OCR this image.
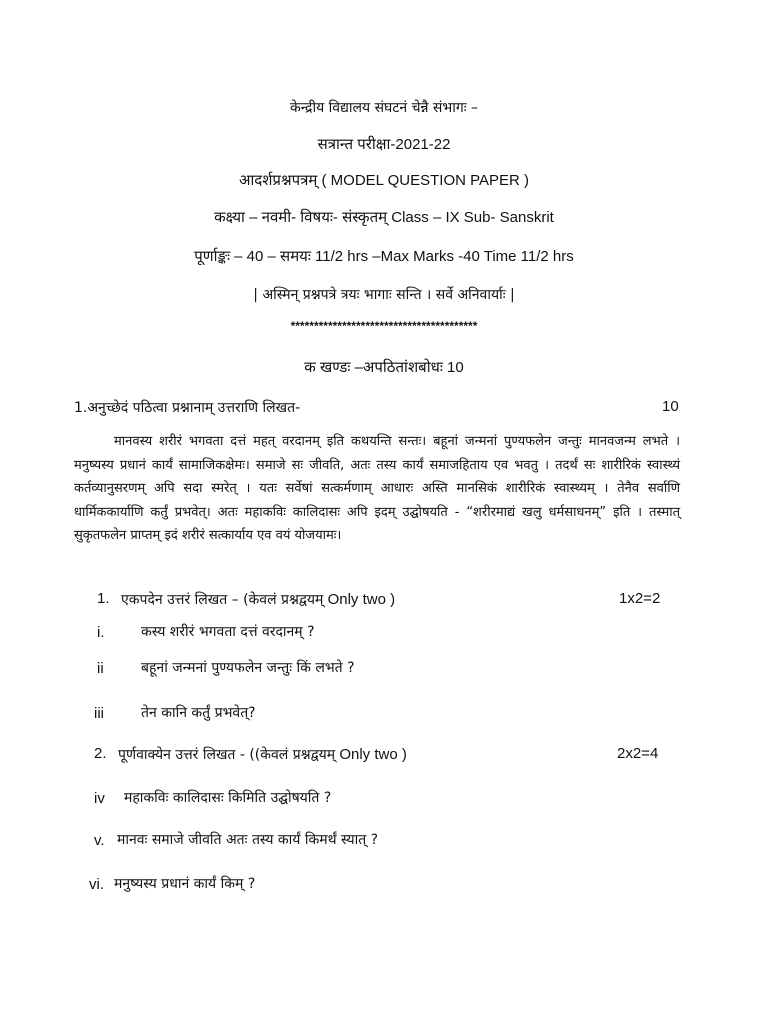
केन्द्रीय विद्यालय संघटनं चेन्नै संभागः –
सत्रान्त परीक्षा-2021-22
आदर्शप्रश्नपत्रम् ( MODEL QUESTION PAPER )
कक्ष्या – नवमी- विषयः- संस्कृतम् Class – IX Sub- Sanskrit
पूर्णाङ्कः – 40 – समयः 11/2 hrs –Max Marks -40 Time 11/2 hrs
| अस्मिन् प्रश्नपत्रे त्रयः भागाः सन्ति । सर्वे अनिवार्याः |
****************************************
क खण्डः –अपठितांशबोधः 10
1.अनुच्छेदं पठित्वा प्रश्नानाम् उत्तराणि लिखत-	10
मानवस्य शरीरं भगवता दत्तं महत् वरदानम् इति कथयन्ति सन्तः। बहूनां जन्मनां पुण्यफलेन जन्तुः मानवजन्म लभते । मनुष्यस्य प्रधानं कार्यं सामाजिकक्षेमः। समाजे सः जीवति, अतः तस्य कार्यं समाजहिताय एव भवतु । तदर्थं सः शारीरिकं स्वास्थ्यं कर्तव्यानुसरणम् अपि सदा स्मरेत् । यतः सर्वेषां सत्कर्मणाम् आधारः अस्ति मानसिकं शारीरिकं स्वास्थ्यम् । तेनैव सर्वाणि धार्मिककार्याणि कर्तुं प्रभवेत्। अतः महाकविः कालिदासः अपि इदम् उद्घोषयति - “शरीरमाद्यं खलु धर्मसाधनम्” इति । तस्मात् सुकृतफलेन प्राप्तम् इदं शरीरं सत्कार्याय एव वयं योजयामः।
1. एकपदेन उत्तरं लिखत – (केवलं प्रश्नद्वयम् Only two )	1x2=2
i.	कस्य शरीरं भगवता दत्तं वरदानम् ?
ii	बहूनां जन्मनां पुण्यफलेन जन्तुः किं लभते ?
iii	तेन कानि कर्तुं प्रभवेत्?
2. पूर्णवाक्येन उत्तरं लिखत - ((केवलं प्रश्नद्वयम् Only two )	2x2=4
iv महाकविः कालिदासः किमिति उद्घोषयति ?
v. मानवः समाजे जीवति अतः तस्य कार्यं किमर्थं स्यात् ?
vi. मनुष्यस्य प्रधानं कार्यं किम् ?
